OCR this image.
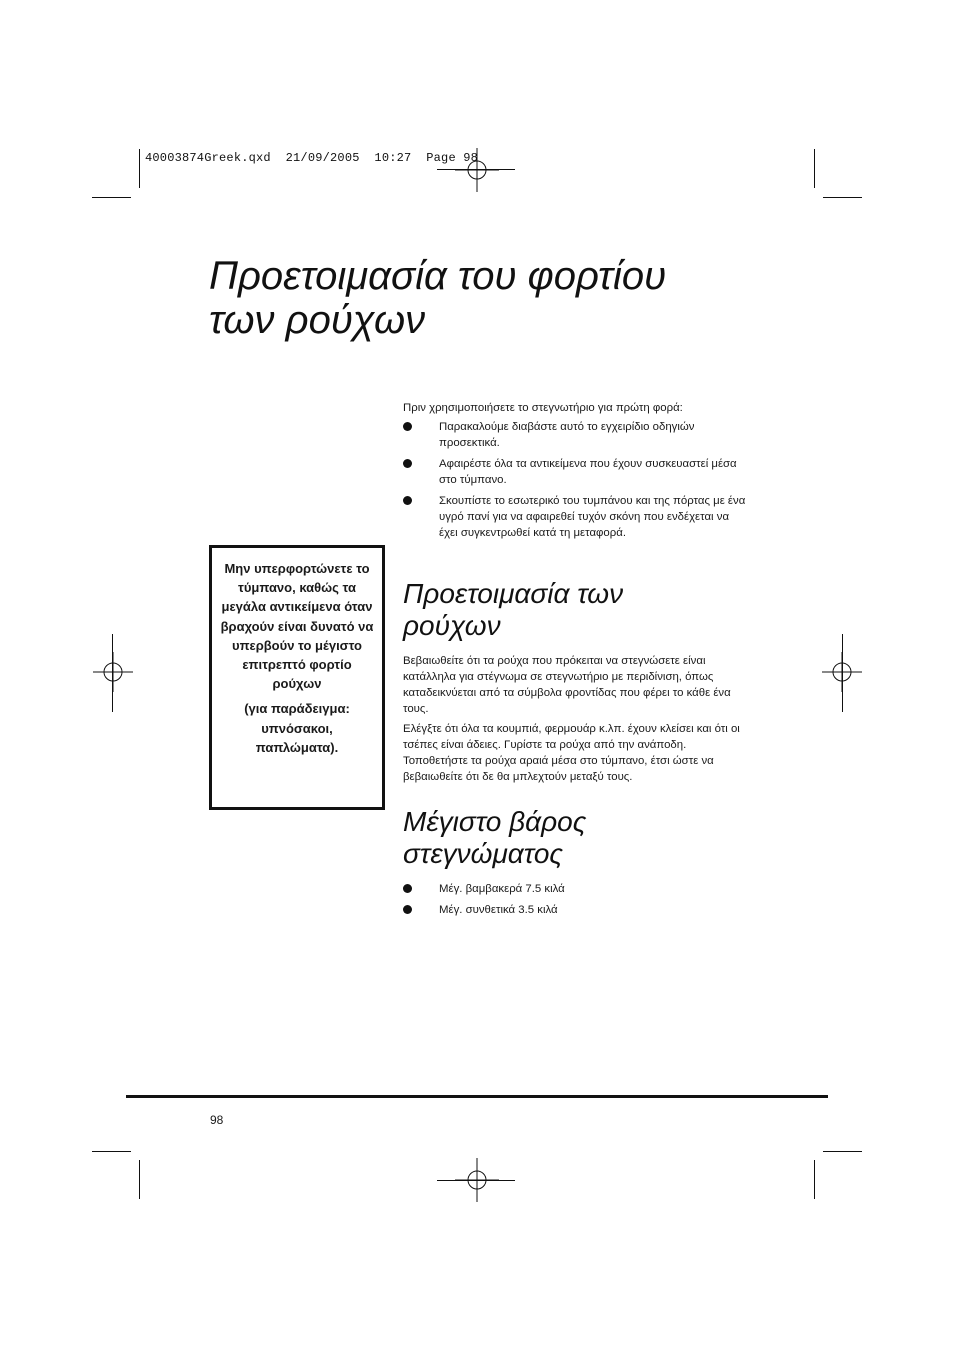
40003874Greek.qxd  21/09/2005  10:27  Page 98
Προετοιμασία του φορτίου
των ρούχων

Πριν χρησιμοποιήσετε το στεγνωτήριο για πρώτη φορά:

Παρακαλούμε διαβάστε αυτό το εγχειρίδιο οδηγιών προσεκτικά.
Αφαιρέστε όλα τα αντικείμενα που έχουν συσκευαστεί μέσα στο τύμπανο.
Σκουπίστε το εσωτερικό του τυμπάνου και της πόρτας με ένα υγρό πανί για να αφαιρεθεί τυχόν σκόνη που ενδέχεται να έχει συγκεντρωθεί κατά τη μεταφορά.

Μην υπερφορτώνετε το τύμπανο, καθώς τα μεγάλα αντικείμενα όταν βραχούν είναι δυνατό να υπερβούν το μέγιστο επιτρεπτό φορτίο ρούχων

(για παράδειγμα: υπνόσακοι, παπλώματα).

Προετοιμασία των
ρούχων

Βεβαιωθείτε ότι τα ρούχα που πρόκειται να στεγνώσετε είναι κατάλληλα για στέγνωμα σε στεγνωτήριο με περιδίνιση, όπως καταδεικνύεται από τα σύμβολα φροντίδας που φέρει το κάθε ένα τους.

Ελέγξτε ότι όλα τα κουμπιά, φερμουάρ κ.λπ. έχουν κλείσει και ότι οι τσέπες είναι άδειες. Γυρίστε τα ρούχα από την ανάποδη. Τοποθετήστε τα ρούχα αραιά μέσα στο τύμπανο, έτσι ώστε να βεβαιωθείτε ότι δε θα μπλεχτούν μεταξύ τους.

Μέγιστο βάρος
στεγνώματος
Μέγ. βαμβακερά 7.5 κιλά
Μέγ. συνθετικά 3.5 κιλά
98
